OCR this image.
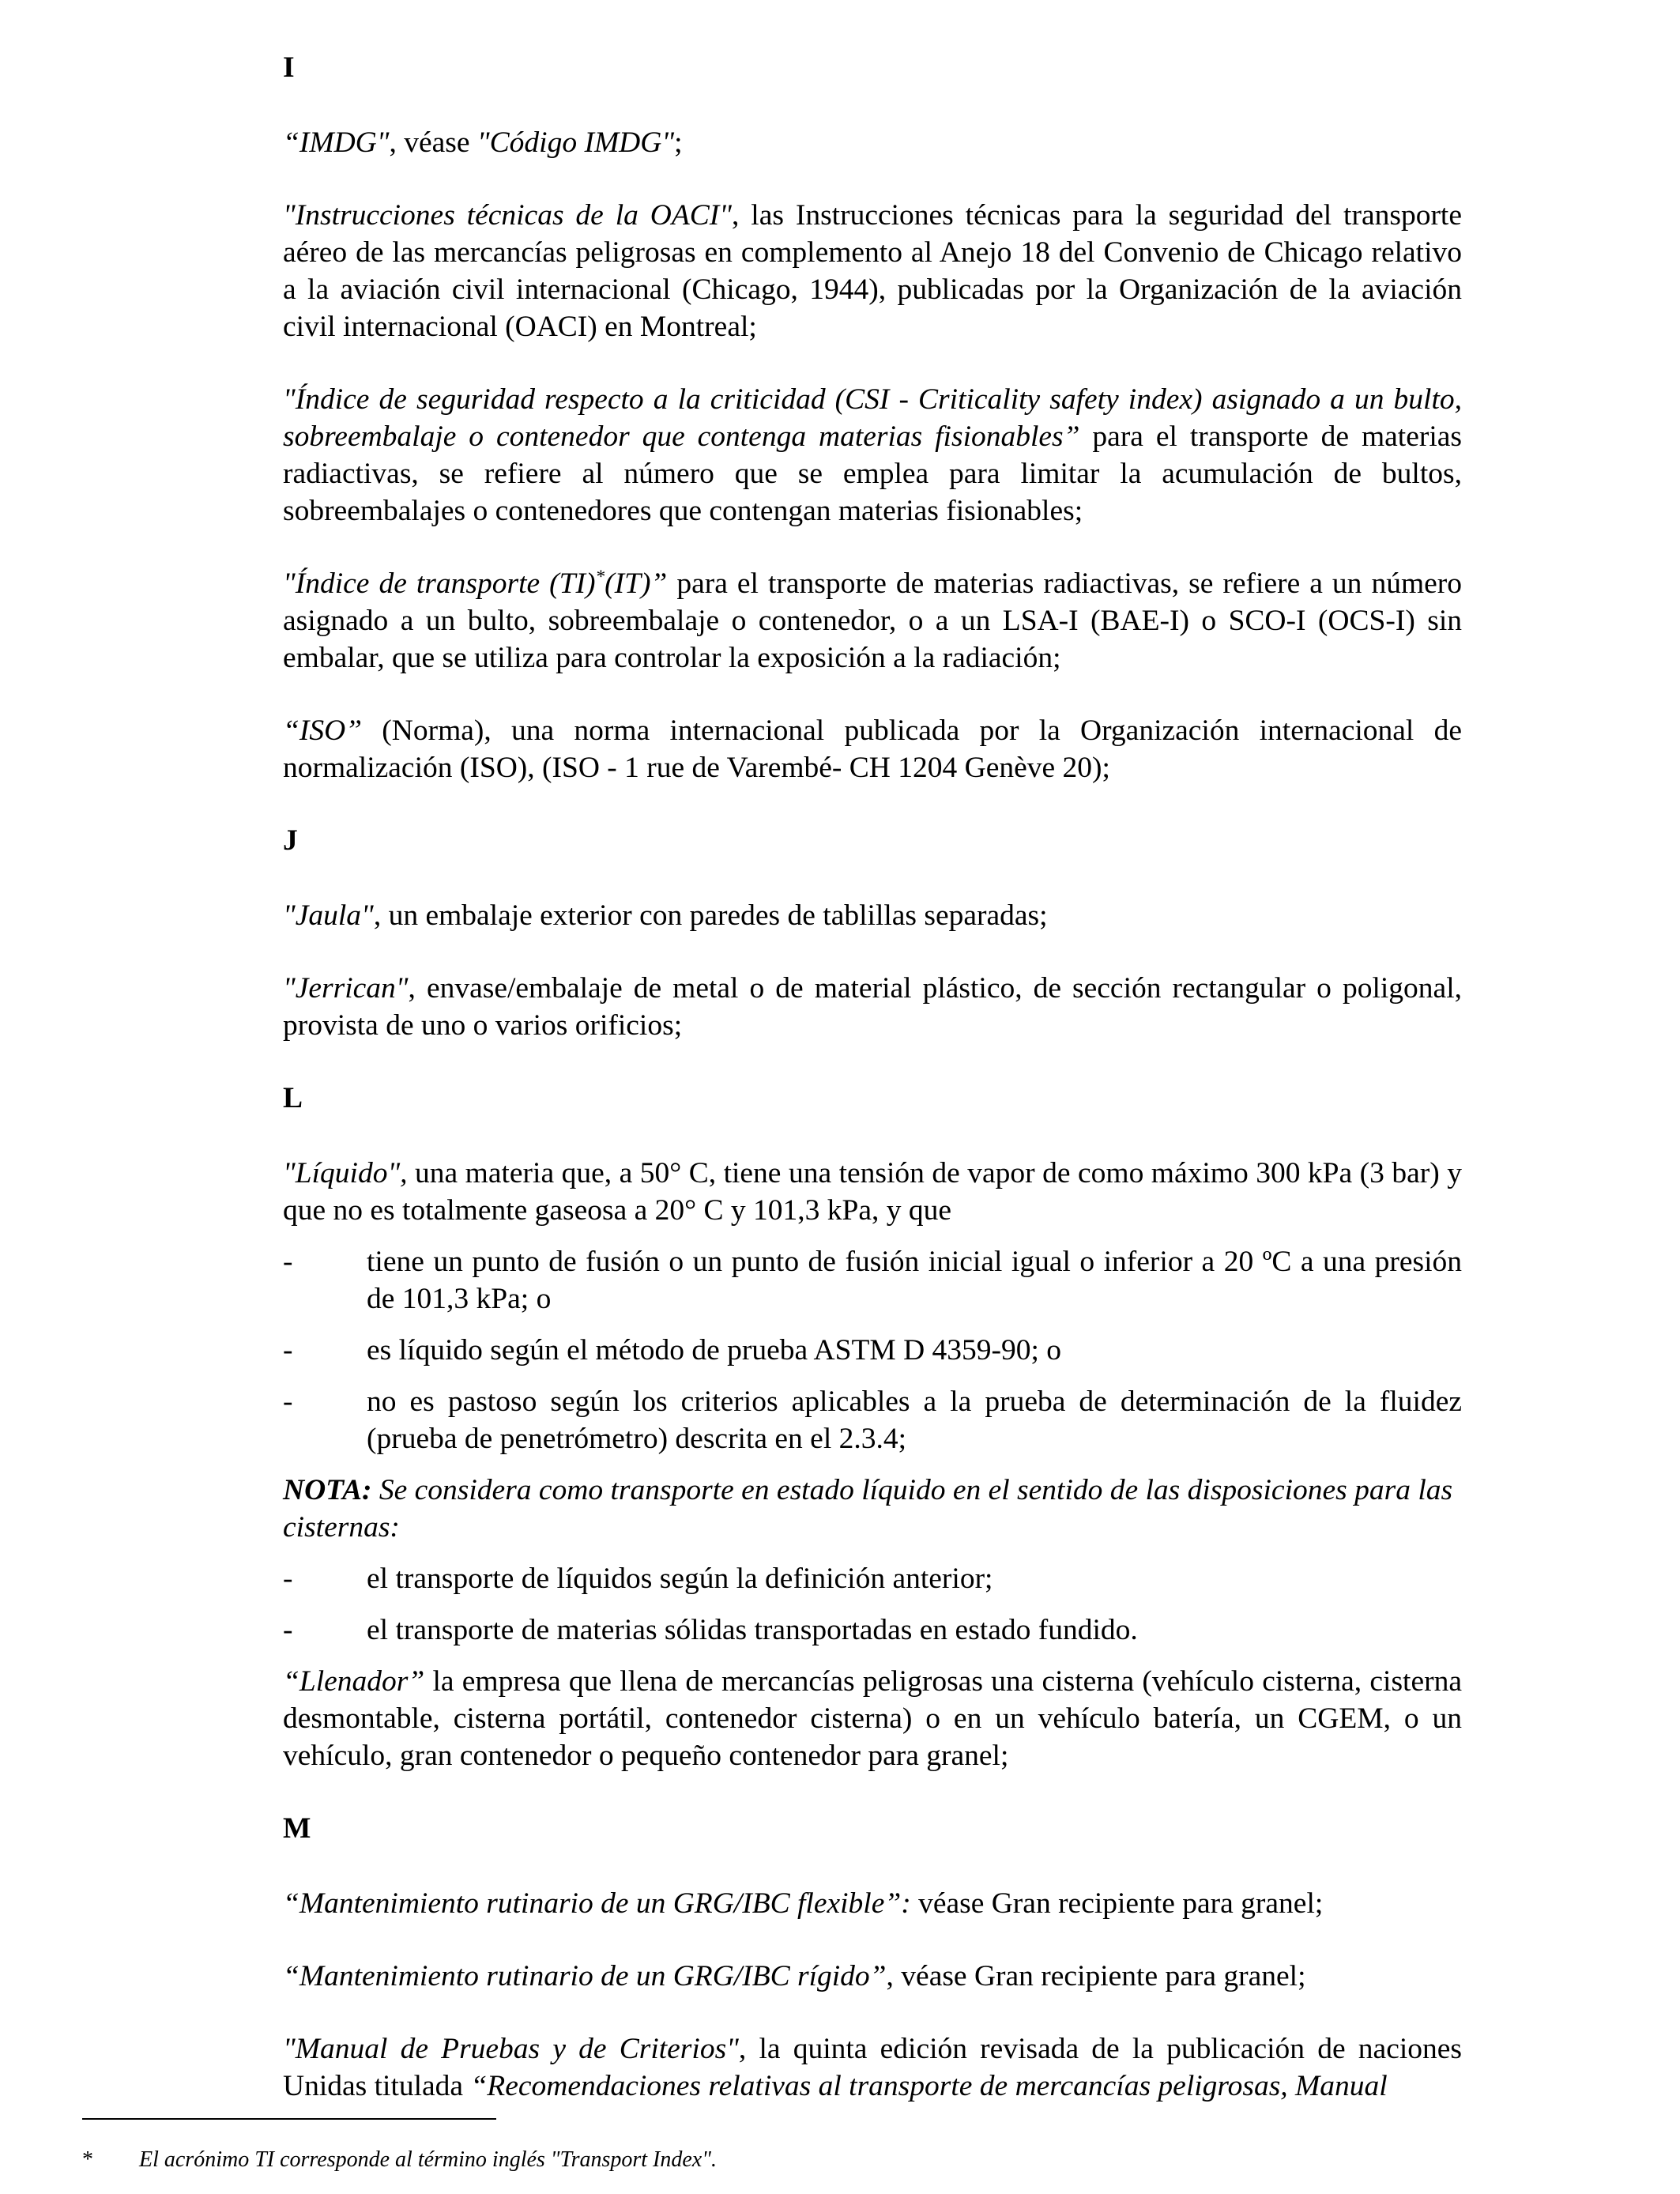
I

“IMDG", véase "Código IMDG";

"Instrucciones técnicas de la OACI", las Instrucciones técnicas para la seguridad del transporte aéreo de las mercancías peligrosas en complemento al Anejo 18 del Convenio de Chicago relativo a la aviación civil internacional (Chicago, 1944), publicadas por la Organización de la aviación civil internacional (OACI) en Montreal;

"Índice de seguridad respecto a la criticidad (CSI - Criticality safety index) asignado a un bulto, sobreembalaje o contenedor que contenga materias fisionables” para el transporte de materias radiactivas, se refiere al número que se emplea para limitar la acumulación de bultos, sobreembalajes o contenedores que contengan materias fisionables;

"Índice de transporte (TI)*(IT)” para el transporte de materias radiactivas, se refiere a un número asignado a un bulto, sobreembalaje o contenedor, o a un LSA-I (BAE-I) o SCO-I (OCS-I) sin embalar, que se utiliza para controlar la exposición a la radiación;

“ISO” (Norma), una norma internacional publicada por la Organización internacional de normalización (ISO), (ISO - 1 rue de Varembé- CH 1204 Genève 20);

J

"Jaula", un embalaje exterior con paredes de tablillas separadas;

"Jerrican", envase/embalaje de metal o de material plástico, de sección rectangular o poligonal, provista de uno o varios orificios;

L

"Líquido", una materia que, a 50° C, tiene una tensión de vapor de como máximo 300 kPa (3 bar) y que no es totalmente gaseosa a 20° C y 101,3 kPa, y que

-	tiene un punto de fusión o un punto de fusión inicial igual o inferior a 20 ºC a una presión de 101,3 kPa; o
-	es líquido según el método de prueba ASTM D 4359-90; o
-	no es pastoso según los criterios aplicables a la prueba de determinación de la fluidez (prueba de penetrómetro) descrita en el 2.3.4;

NOTA: Se considera como transporte en estado líquido en el sentido de las disposiciones para las cisternas:

-	el transporte de líquidos según la definición anterior;
-	el transporte de materias sólidas transportadas en estado fundido.

“Llenador” la empresa que llena de mercancías peligrosas una cisterna (vehículo cisterna, cisterna desmontable, cisterna portátil, contenedor cisterna) o en un vehículo batería, un CGEM, o un vehículo, gran contenedor o pequeño contenedor para granel;

M

“Mantenimiento rutinario de un GRG/IBC flexible”: véase Gran recipiente para granel;

“Mantenimiento rutinario de un GRG/IBC rígido”, véase Gran recipiente para granel;

"Manual de Pruebas y de Criterios", la quinta edición revisada de la publicación de naciones Unidas titulada “Recomendaciones relativas al transporte de mercancías peligrosas, Manual

* El acrónimo TI corresponde al término inglés "Transport Index".
